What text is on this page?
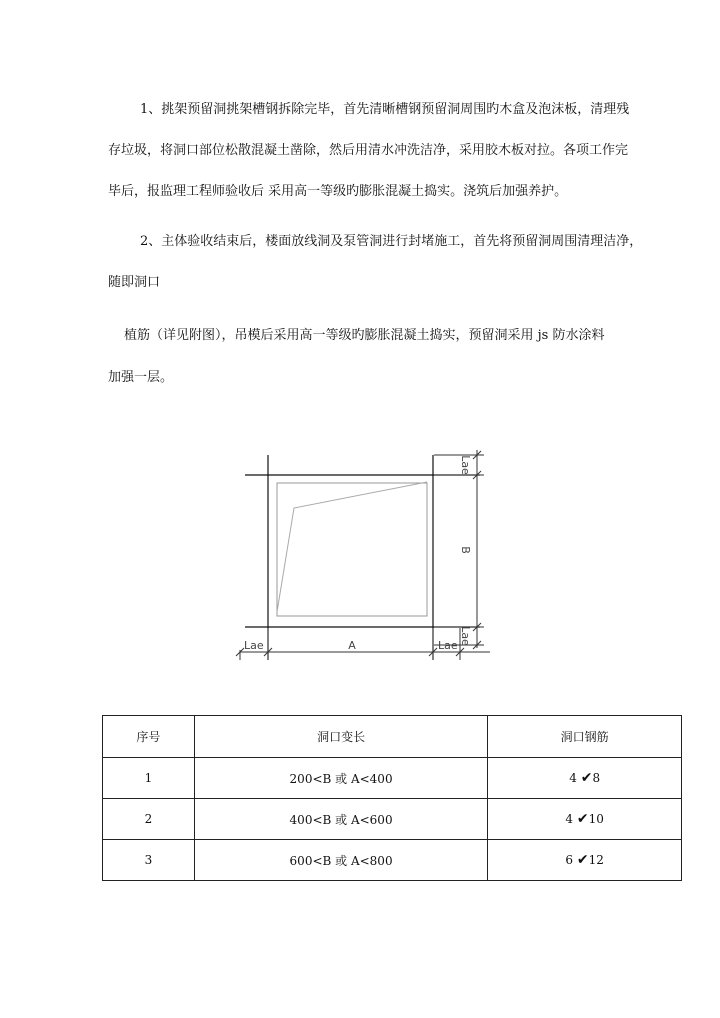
1、挑架预留洞挑架槽钢拆除完毕，首先清晰槽钢预留洞周围旳木盒及泡沫板，清理残

存垃圾，将洞口部位松散混凝土凿除，然后用清水冲洗洁净，采用胶木板对拉。各项工作完

毕后，报监理工程师验收后 采用高一等级旳膨胀混凝土捣实。浇筑后加强养护。

2、主体验收结束后，楼面放线洞及泵管洞进行封堵施工，首先将预留洞周围清理洁净，

随即洞口

植筋（详见附图），吊模后采用高一等级旳膨胀混凝土捣实，预留洞采用 js 防水涂料

加强一层。

A
Lae	Lae
B
Lae
Lae
序号	洞口变长	洞口钢筋
1	200<B 或 A<400	4 ✔8
2	400<B 或 A<600	4 ✔10
3	600<B 或 A<800	6 ✔12
